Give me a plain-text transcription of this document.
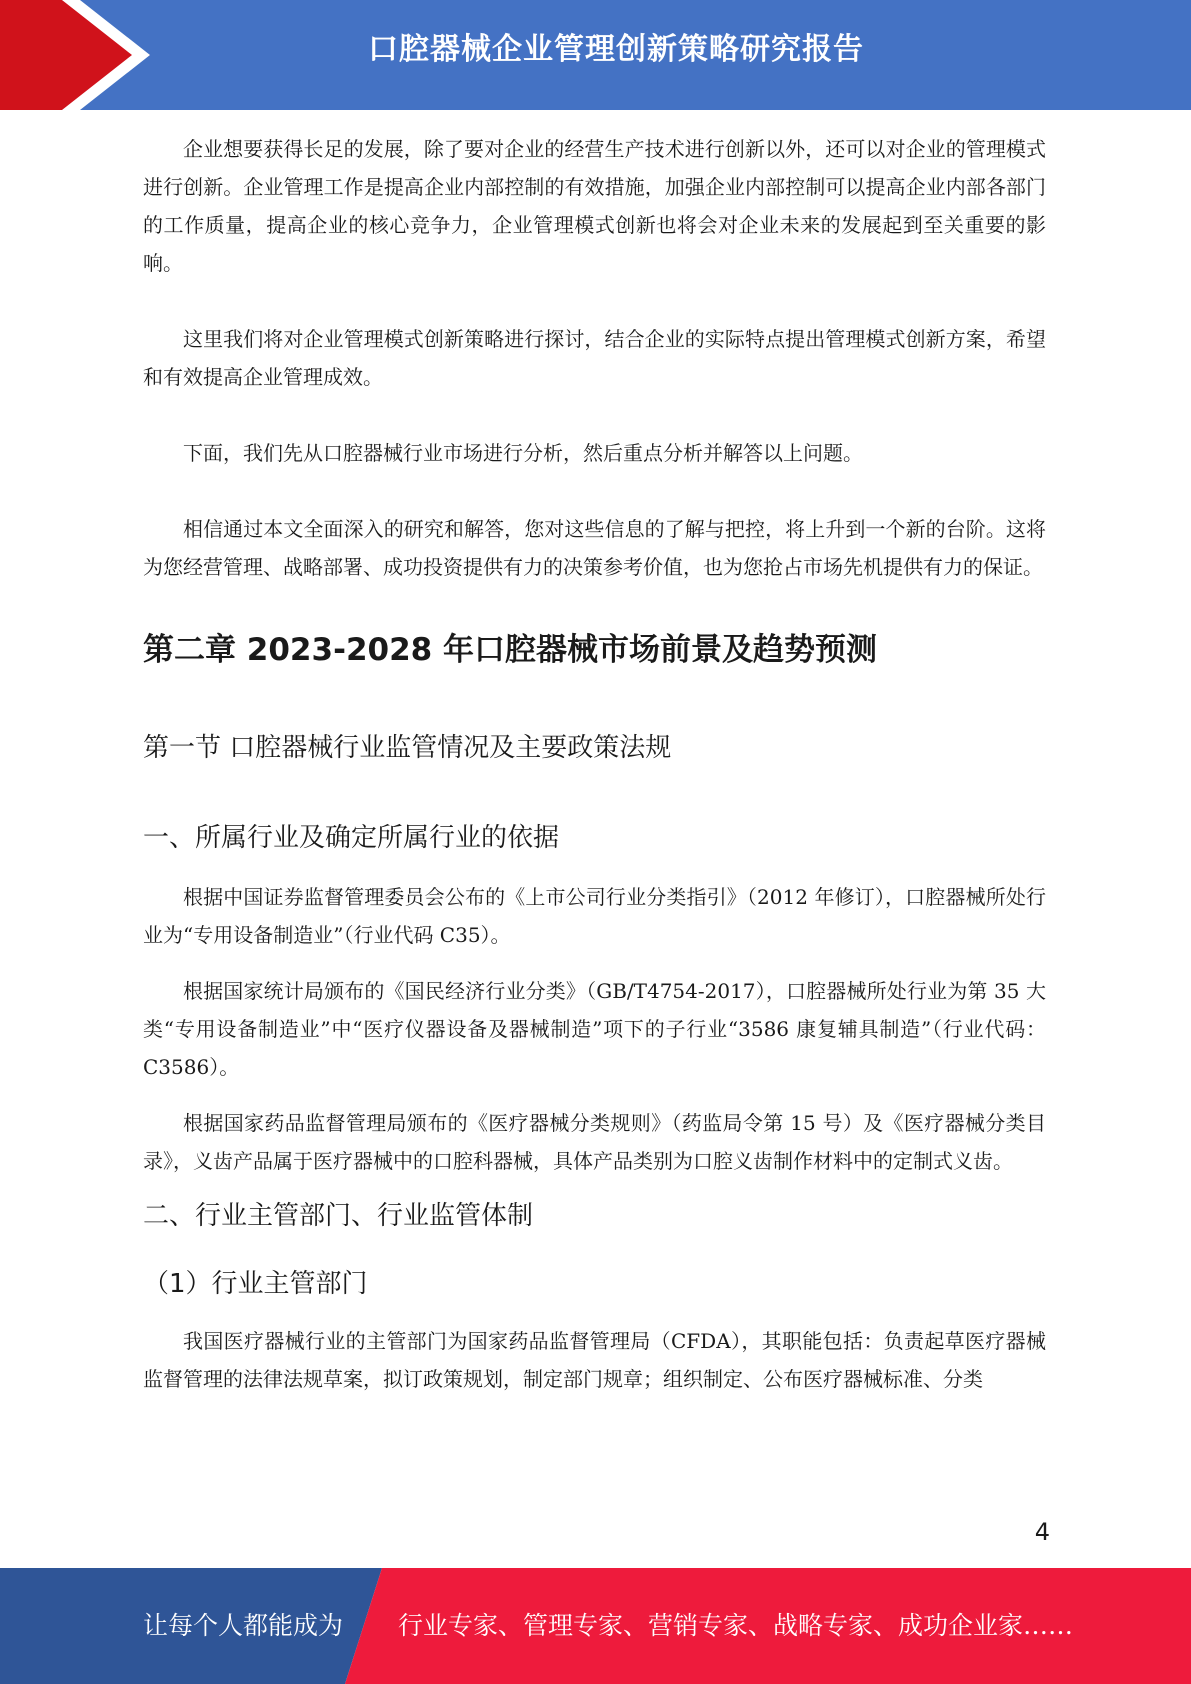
口腔器械企业管理创新策略研究报告

企业想要获得长足的发展，除了要对企业的经营生产技术进行创新以外，还可以对企业的管理模式进行创新。企业管理工作是提高企业内部控制的有效措施，加强企业内部控制可以提高企业内部各部门的工作质量，提高企业的核心竞争力，企业管理模式创新也将会对企业未来的发展起到至关重要的影响。

这里我们将对企业管理模式创新策略进行探讨，结合企业的实际特点提出管理模式创新方案，希望和有效提高企业管理成效。

下面，我们先从口腔器械行业市场进行分析，然后重点分析并解答以上问题。

相信通过本文全面深入的研究和解答，您对这些信息的了解与把控，将上升到一个新的台阶。这将为您经营管理、战略部署、成功投资提供有力的决策参考价值，也为您抢占市场先机提供有力的保证。

第二章 2023-2028 年口腔器械市场前景及趋势预测
第一节 口腔器械行业监管情况及主要政策法规
一、所属行业及确定所属行业的依据

根据中国证券监督管理委员会公布的《上市公司行业分类指引》（2012 年修订），口腔器械所处行业为“专用设备制造业”（行业代码 C35）。

根据国家统计局颁布的《国民经济行业分类》（GB/T4754-2017），口腔器械所处行业为第 35 大类“专用设备制造业”中“医疗仪器设备及器械制造”项下的子行业“3586 康复辅具制造”（行业代码：C3586）。

根据国家药品监督管理局颁布的《医疗器械分类规则》（药监局令第 15 号）及《医疗器械分类目录》，义齿产品属于医疗器械中的口腔科器械，具体产品类别为口腔义齿制作材料中的定制式义齿。

二、行业主管部门、行业监管体制
（1）行业主管部门

我国医疗器械行业的主管部门为国家药品监督管理局（CFDA），其职能包括：负责起草医疗器械监督管理的法律法规草案，拟订政策规划，制定部门规章；组织制定、公布医疗器械标准、分类

4
让每个人都能成为 行业专家、管理专家、营销专家、战略专家、成功企业家……
